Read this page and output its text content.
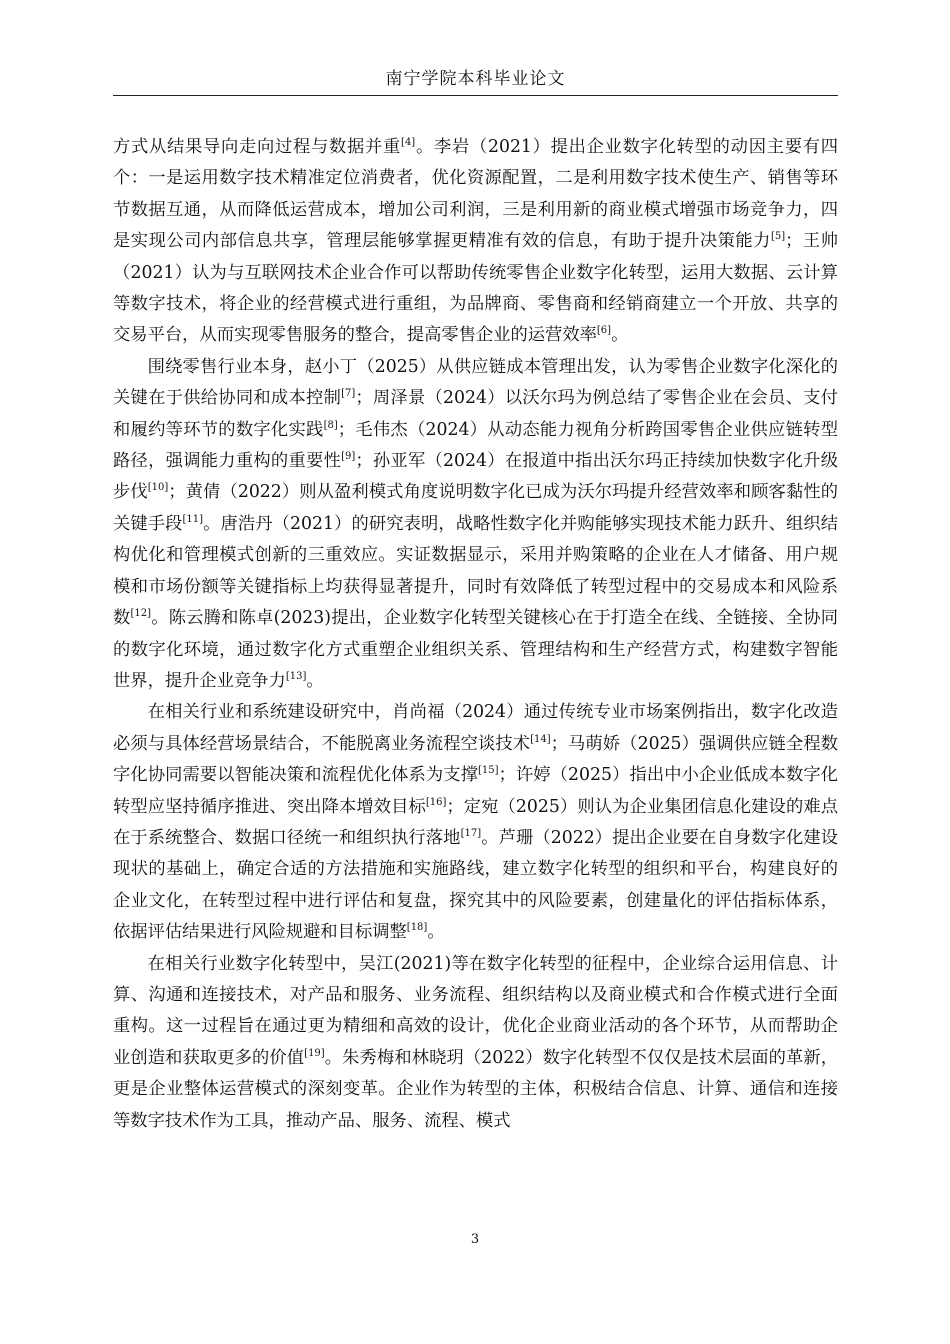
南宁学院本科毕业论文

方式从结果导向走向过程与数据并重[4]。李岩（2021）提出企业数字化转型的动因主要有四个：一是运用数字技术精准定位消费者，优化资源配置，二是利用数字技术使生产、销售等环节数据互通，从而降低运营成本，增加公司利润，三是利用新的商业模式增强市场竞争力，四是实现公司内部信息共享，管理层能够掌握更精准有效的信息，有助于提升决策能力[5]；王帅（2021）认为与互联网技术企业合作可以帮助传统零售企业数字化转型，运用大数据、云计算等数字技术，将企业的经营模式进行重组，为品牌商、零售商和经销商建立一个开放、共享的交易平台，从而实现零售服务的整合，提高零售企业的运营效率[6]。

围绕零售行业本身，赵小丁（2025）从供应链成本管理出发，认为零售企业数字化深化的关键在于供给协同和成本控制[7]；周泽景（2024）以沃尔玛为例总结了零售企业在会员、支付和履约等环节的数字化实践[8]；毛伟杰（2024）从动态能力视角分析跨国零售企业供应链转型路径，强调能力重构的重要性[9]；孙亚军（2024）在报道中指出沃尔玛正持续加快数字化升级步伐[10]；黄倩（2022）则从盈利模式角度说明数字化已成为沃尔玛提升经营效率和顾客黏性的关键手段[11]。唐浩丹（2021）的研究表明，战略性数字化并购能够实现技术能力跃升、组织结构优化和管理模式创新的三重效应。实证数据显示，采用并购策略的企业在人才储备、用户规模和市场份额等关键指标上均获得显著提升，同时有效降低了转型过程中的交易成本和风险系数[12]。陈云腾和陈卓(2023)提出，企业数字化转型关键核心在于打造全在线、全链接、全协同的数字化环境，通过数字化方式重塑企业组织关系、管理结构和生产经营方式，构建数字智能世界，提升企业竞争力[13]。

在相关行业和系统建设研究中，肖尚福（2024）通过传统专业市场案例指出，数字化改造必须与具体经营场景结合，不能脱离业务流程空谈技术[14]；马萌娇（2025）强调供应链全程数字化协同需要以智能决策和流程优化体系为支撑[15]；许婷（2025）指出中小企业低成本数字化转型应坚持循序推进、突出降本增效目标[16]；定宛（2025）则认为企业集团信息化建设的难点在于系统整合、数据口径统一和组织执行落地[17]。芦珊（2022）提出企业要在自身数字化建设现状的基础上，确定合适的方法措施和实施路线，建立数字化转型的组织和平台，构建良好的企业文化，在转型过程中进行评估和复盘，探究其中的风险要素，创建量化的评估指标体系，依据评估结果进行风险规避和目标调整[18]。

在相关行业数字化转型中，吴江(2021)等在数字化转型的征程中，企业综合运用信息、计算、沟通和连接技术，对产品和服务、业务流程、组织结构以及商业模式和合作模式进行全面重构。这一过程旨在通过更为精细和高效的设计，优化企业商业活动的各个环节，从而帮助企业创造和获取更多的价值[19]。朱秀梅和林晓玥（2022）数字化转型不仅仅是技术层面的革新，更是企业整体运营模式的深刻变革。企业作为转型的主体，积极结合信息、计算、通信和连接等数字技术作为工具，推动产品、服务、流程、模式

3
